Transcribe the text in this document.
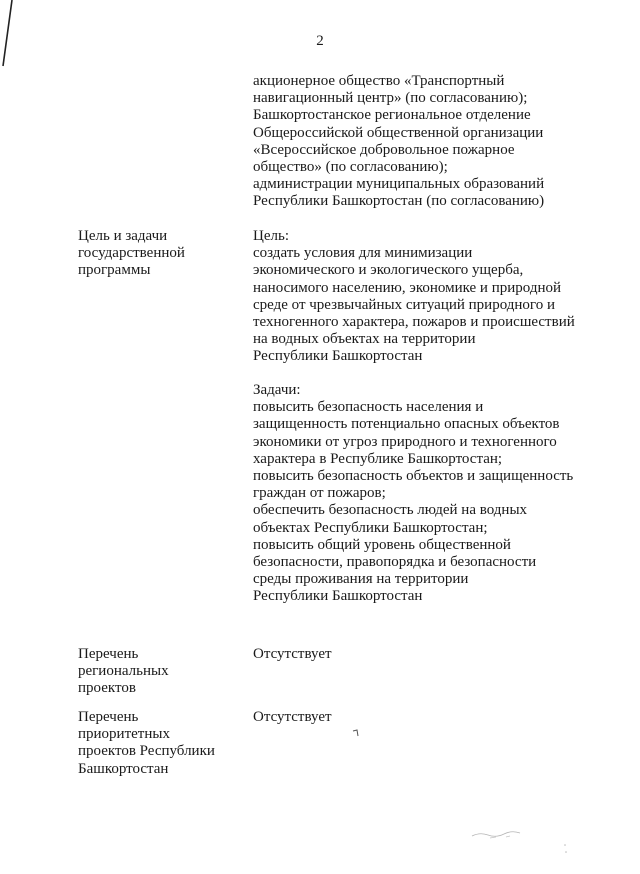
2
акционерное общество «Транспортный
навигационный центр» (по согласованию);
Башкортостанское региональное отделение
Общероссийской общественной организации
«Всероссийское добровольное пожарное
общество» (по согласованию);
администрации муниципальных образований
Республики Башкортостан (по согласованию)
Цель и задачи
государственной
программы
Цель:
создать условия для минимизации
экономического и экологического ущерба,
наносимого населению, экономике и природной
среде от чрезвычайных ситуаций природного и
техногенного характера, пожаров и происшествий
на водных объектах на территории
Республики Башкортостан
Задачи:
повысить безопасность населения и
защищенность потенциально опасных объектов
экономики от угроз природного и техногенного
характера в Республике Башкортостан;
повысить безопасность объектов и защищенность
граждан от пожаров;
обеспечить безопасность людей на водных
объектах Республики Башкортостан;
повысить общий уровень общественной
безопасности, правопорядка и безопасности
среды проживания на территории
Республики Башкортостан
Перечень
региональных
проектов
Отсутствует
Перечень
приоритетных
проектов Республики
Башкортостан
Отсутствует
